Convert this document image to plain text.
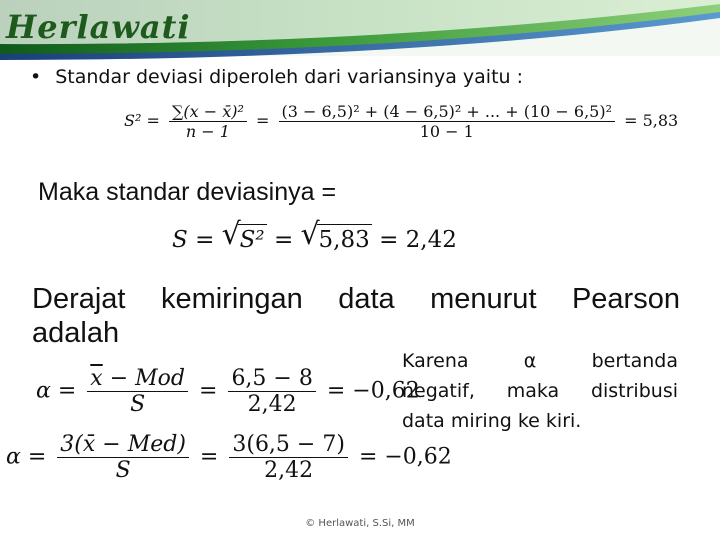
Herlawati
• Standar deviasi diperoleh dari variansinya yaitu :
$S^2 = \frac{\text{∑(x − x̄)²}}{n - 1} = \frac{\text{(3 − 6,5)² + (4 − 6,5)² + ... + (10 − 6,5)²}}{10 - 1} = 5,83$
Maka standar deviasinya =
S = √
S² = √
5,83 = 2,42
Derajat kemiringan data menurut Pearson
adalah
$\alpha = \frac{\overline{x} - Mod}{S} = \frac{6,5 - 8}{2,42} = -0,62$
$\alpha = \frac{\text{3(x̄ − Med)}}{S} = \frac{3(6,5 - 7)}{2,42} = -0,62$
Karena	α	bertanda
negatif, maka distribusi
data miring ke kiri.
© Herlawati, S.Si, MM
